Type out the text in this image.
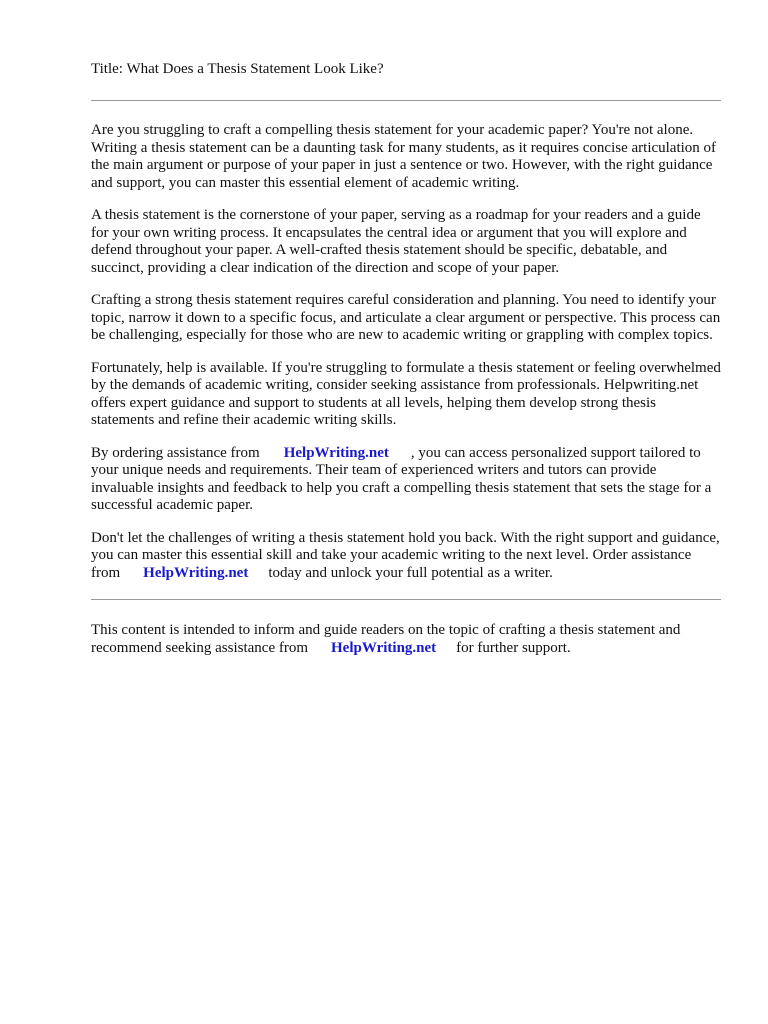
Title: What Does a Thesis Statement Look Like?

Are you struggling to craft a compelling thesis statement for your academic paper? You're not alone. Writing a thesis statement can be a daunting task for many students, as it requires concise articulation of the main argument or purpose of your paper in just a sentence or two. However, with the right guidance and support, you can master this essential element of academic writing.

A thesis statement is the cornerstone of your paper, serving as a roadmap for your readers and a guide for your own writing process. It encapsulates the central idea or argument that you will explore and defend throughout your paper. A well-crafted thesis statement should be specific, debatable, and succinct, providing a clear indication of the direction and scope of your paper.

Crafting a strong thesis statement requires careful consideration and planning. You need to identify your topic, narrow it down to a specific focus, and articulate a clear argument or perspective. This process can be challenging, especially for those who are new to academic writing or grappling with complex topics.

Fortunately, help is available. If you're struggling to formulate a thesis statement or feeling overwhelmed by the demands of academic writing, consider seeking assistance from professionals. Helpwriting.net offers expert guidance and support to students at all levels, helping them develop strong thesis statements and refine their academic writing skills.

By ordering assistance from HelpWriting.net , you can access personalized support tailored to your unique needs and requirements. Their team of experienced writers and tutors can provide invaluable insights and feedback to help you craft a compelling thesis statement that sets the stage for a successful academic paper.

Don't let the challenges of writing a thesis statement hold you back. With the right support and guidance, you can master this essential skill and take your academic writing to the next level. Order assistance from HelpWriting.net today and unlock your full potential as a writer.

This content is intended to inform and guide readers on the topic of crafting a thesis statement and recommend seeking assistance from HelpWriting.net for further support.
